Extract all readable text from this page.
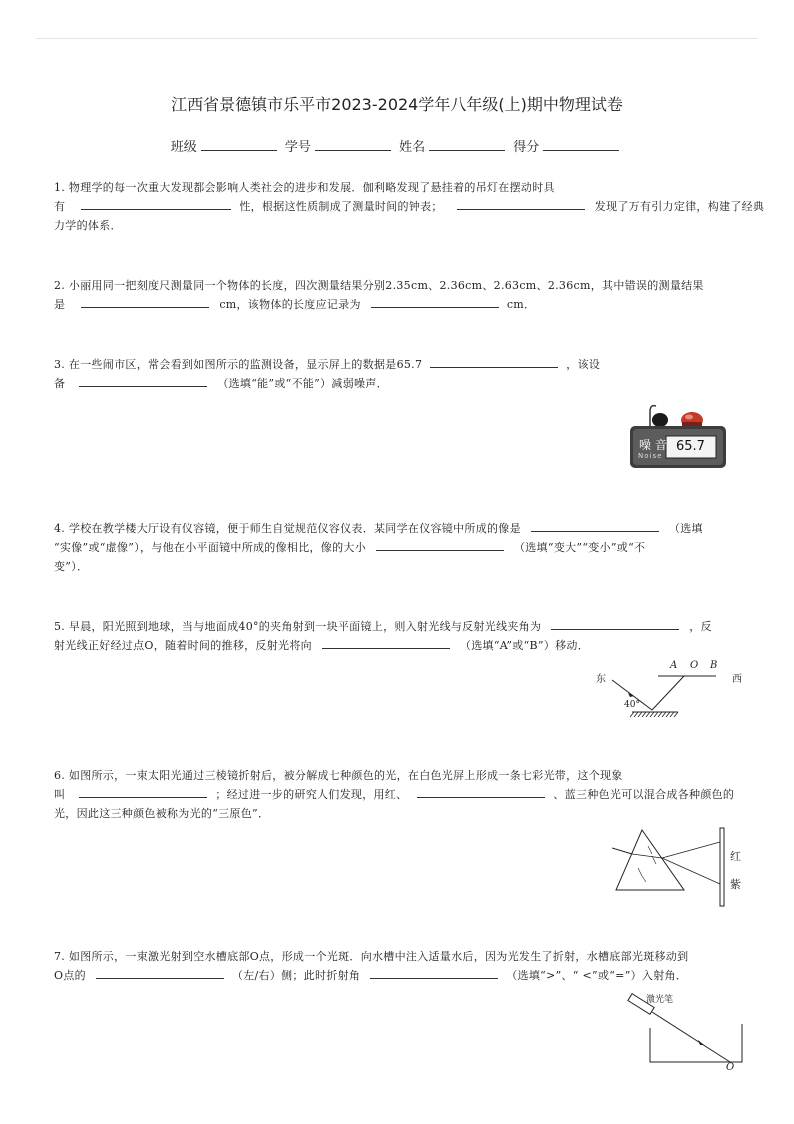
江西省景德镇市乐平市2023-2024学年八年级(上)期中物理试卷
班级	学号	姓名	得分
1. 物理学的每一次重大发现都会影响人类社会的进步和发展．伽利略发现了悬挂着的吊灯在摆动时具
有	性，根据这性质制成了测量时间的钟表；	发现了万有引力定律，构建了经典
力学的体系．
2. 小丽用同一把刻度尺测量同一个物体的长度，四次测量结果分别2.35cm、2.36cm、2.63cm、2.36cm，其中错误的测量结果
是	cm，该物体的长度应记录为	cm．
3. 在一些闹市区，常会看到如图所示的监测设备，显示屏上的数据是65.7	，该设
备	（选填“能”或“不能”）减弱噪声．
噪 音
Noise
65.7
4. 学校在教学楼大厅设有仪容镜，便于师生自觉规范仪容仪表．某同学在仪容镜中所成的像是	（选填
“实像”或“虚像”），与他在小平面镜中所成的像相比，像的大小	（选填“变大”“变小”或“不
变”）．
5. 早晨，阳光照到地球，当与地面成40°的夹角射到一块平面镜上，则入射光线与反射光线夹角为	，反
射光线正好经过点O，随着时间的推移，反射光将向	（选填“A”或“B”）移动．
东	西
A O B
40°
6. 如图所示，一束太阳光通过三棱镜折射后，被分解成七种颜色的光，在白色光屏上形成一条七彩光带，这个现象
叫	；经过进一步的研究人们发现，用红、	、蓝三种色光可以混合成各种颜色的
光，因此这三种颜色被称为光的“三原色”．
红
紫
7. 如图所示，一束激光射到空水槽底部O点，形成一个光斑．向水槽中注入适量水后，因为光发生了折射，水槽底部光斑移动到
O点的	（左/右）侧；此时折射角	（选填“>”、“ <”或“=”）入射角．
激光笔
O
